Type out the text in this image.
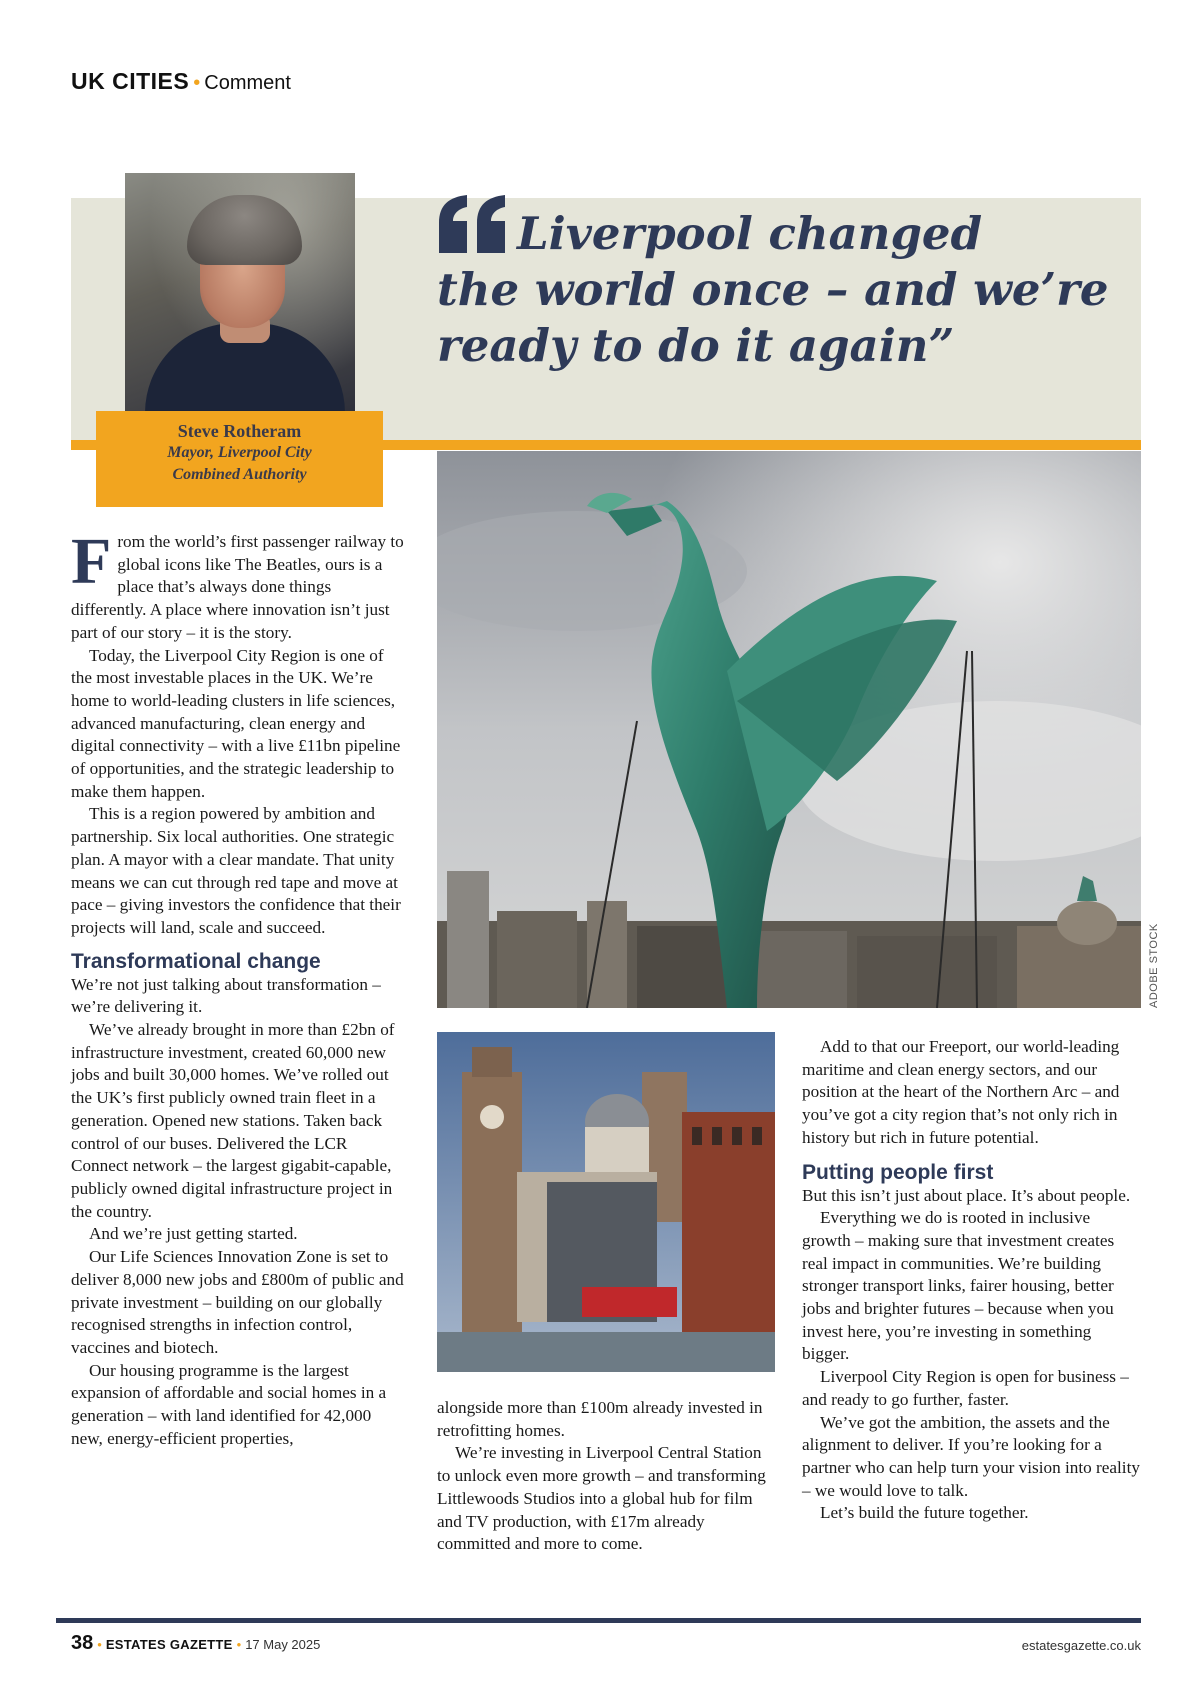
UK CITIES • Comment
Steve Rotheram
Mayor, Liverpool City
Combined Authority
Liverpool changed
the world once – and we’re
ready to do it again”
ADOBE STOCK

From the world’s first passenger railway to global icons like The Beatles, ours is a place that’s always done things differently. A place where innovation isn’t just part of our story – it is the story.

Today, the Liverpool City Region is one of the most investable places in the UK. We’re home to world-leading clusters in life sciences, advanced manufacturing, clean energy and digital connectivity – with a live £11bn pipeline of opportunities, and the strategic leadership to make them happen.

This is a region powered by ambition and partnership. Six local authorities. One strategic plan. A mayor with a clear mandate. That unity means we can cut through red tape and move at pace – giving investors the confidence that their projects will land, scale and succeed.

Transformational change

We’re not just talking about transformation – we’re delivering it.

We’ve already brought in more than £2bn of infrastructure investment, created 60,000 new jobs and built 30,000 homes. We’ve rolled out the UK’s first publicly owned train fleet in a generation. Opened new stations. Taken back control of our buses. Delivered the LCR Connect network – the largest gigabit-capable, publicly owned digital infrastructure project in the country.

And we’re just getting started.

Our Life Sciences Innovation Zone is set to deliver 8,000 new jobs and £800m of public and private investment – building on our globally recognised strengths in infection control, vaccines and biotech.

Our housing programme is the largest expansion of affordable and social homes in a generation – with land identified for 42,000 new, energy-efficient properties,

alongside more than £100m already invested in retrofitting homes.

We’re investing in Liverpool Central Station to unlock even more growth – and transforming Littlewoods Studios into a global hub for film and TV production, with £17m already committed and more to come.

Add to that our Freeport, our world-leading maritime and clean energy sectors, and our position at the heart of the Northern Arc – and you’ve got a city region that’s not only rich in history but rich in future potential.

Putting people first

But this isn’t just about place. It’s about people.

Everything we do is rooted in inclusive growth – making sure that investment creates real impact in communities. We’re building stronger transport links, fairer housing, better jobs and brighter futures – because when you invest here, you’re investing in something bigger.

Liverpool City Region is open for business – and ready to go further, faster.

We’ve got the ambition, the assets and the alignment to deliver. If you’re looking for a partner who can help turn your vision into reality – we would love to talk.

Let’s build the future together.

38 • ESTATES GAZETTE • 17 May 2025	estatesgazette.co.uk
